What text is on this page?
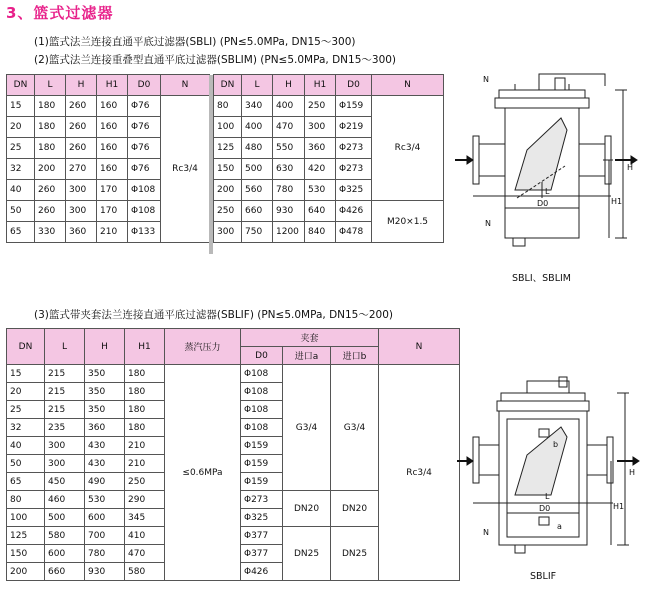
3、篮式过滤器
(1)篮式法兰连接直通平底过滤器(SBLⅠ) (PN≤5.0MPa, DN15～300)
(2)篮式法兰连接重叠型直通平底过滤器(SBLⅠM) (PN≤5.0MPa, DN15～300)
DN	L	H	H1	D0	N
15	180	260	160	Φ76	Rc3/4
20	180	260	160	Φ76	
25	180	260	160	Φ76	
32	200	270	160	Φ76	
40	260	300	170	Φ108	
50	260	300	170	Φ108	
65	330	360	210	Φ133	
DN	L	H	H1	D0	N
80	340	400	250	Φ159	Rc3/4
100	400	470	300	Φ219	
125	480	550	360	Φ273	
150	500	630	420	Φ273	
200	560	780	530	Φ325	
250	660	930	640	Φ426	M20×1.5
300	750	1200	840	Φ478	
(3)篮式带夹套法兰连接直通平底过滤器(SBLⅠF) (PN≤5.0MPa, DN15～200)
DN	L	H	H1	蒸汽压力	夹套			N
					D0	进口a	进口b	
15	215	350	180	≤0.6MPa	Φ108	G3/4	G3/4	Rc3/4
20	215	350	180		Φ108			
25	215	350	180		Φ108			
32	235	360	180		Φ108			
40	300	430	210		Φ159			
50	300	430	210		Φ159			
65	450	490	250		Φ159			
80	460	530	290		Φ273	DN20	DN20	
100	500	600	345		Φ325			
125	580	700	410		Φ377	DN25	DN25	
150	600	780	470		Φ377			
200	660	930	580		Φ426			
N
H
H1
L
D0
N
SBLⅠ、SBLⅠM
b
a
H
H1
L
D0
N
SBLⅠF
